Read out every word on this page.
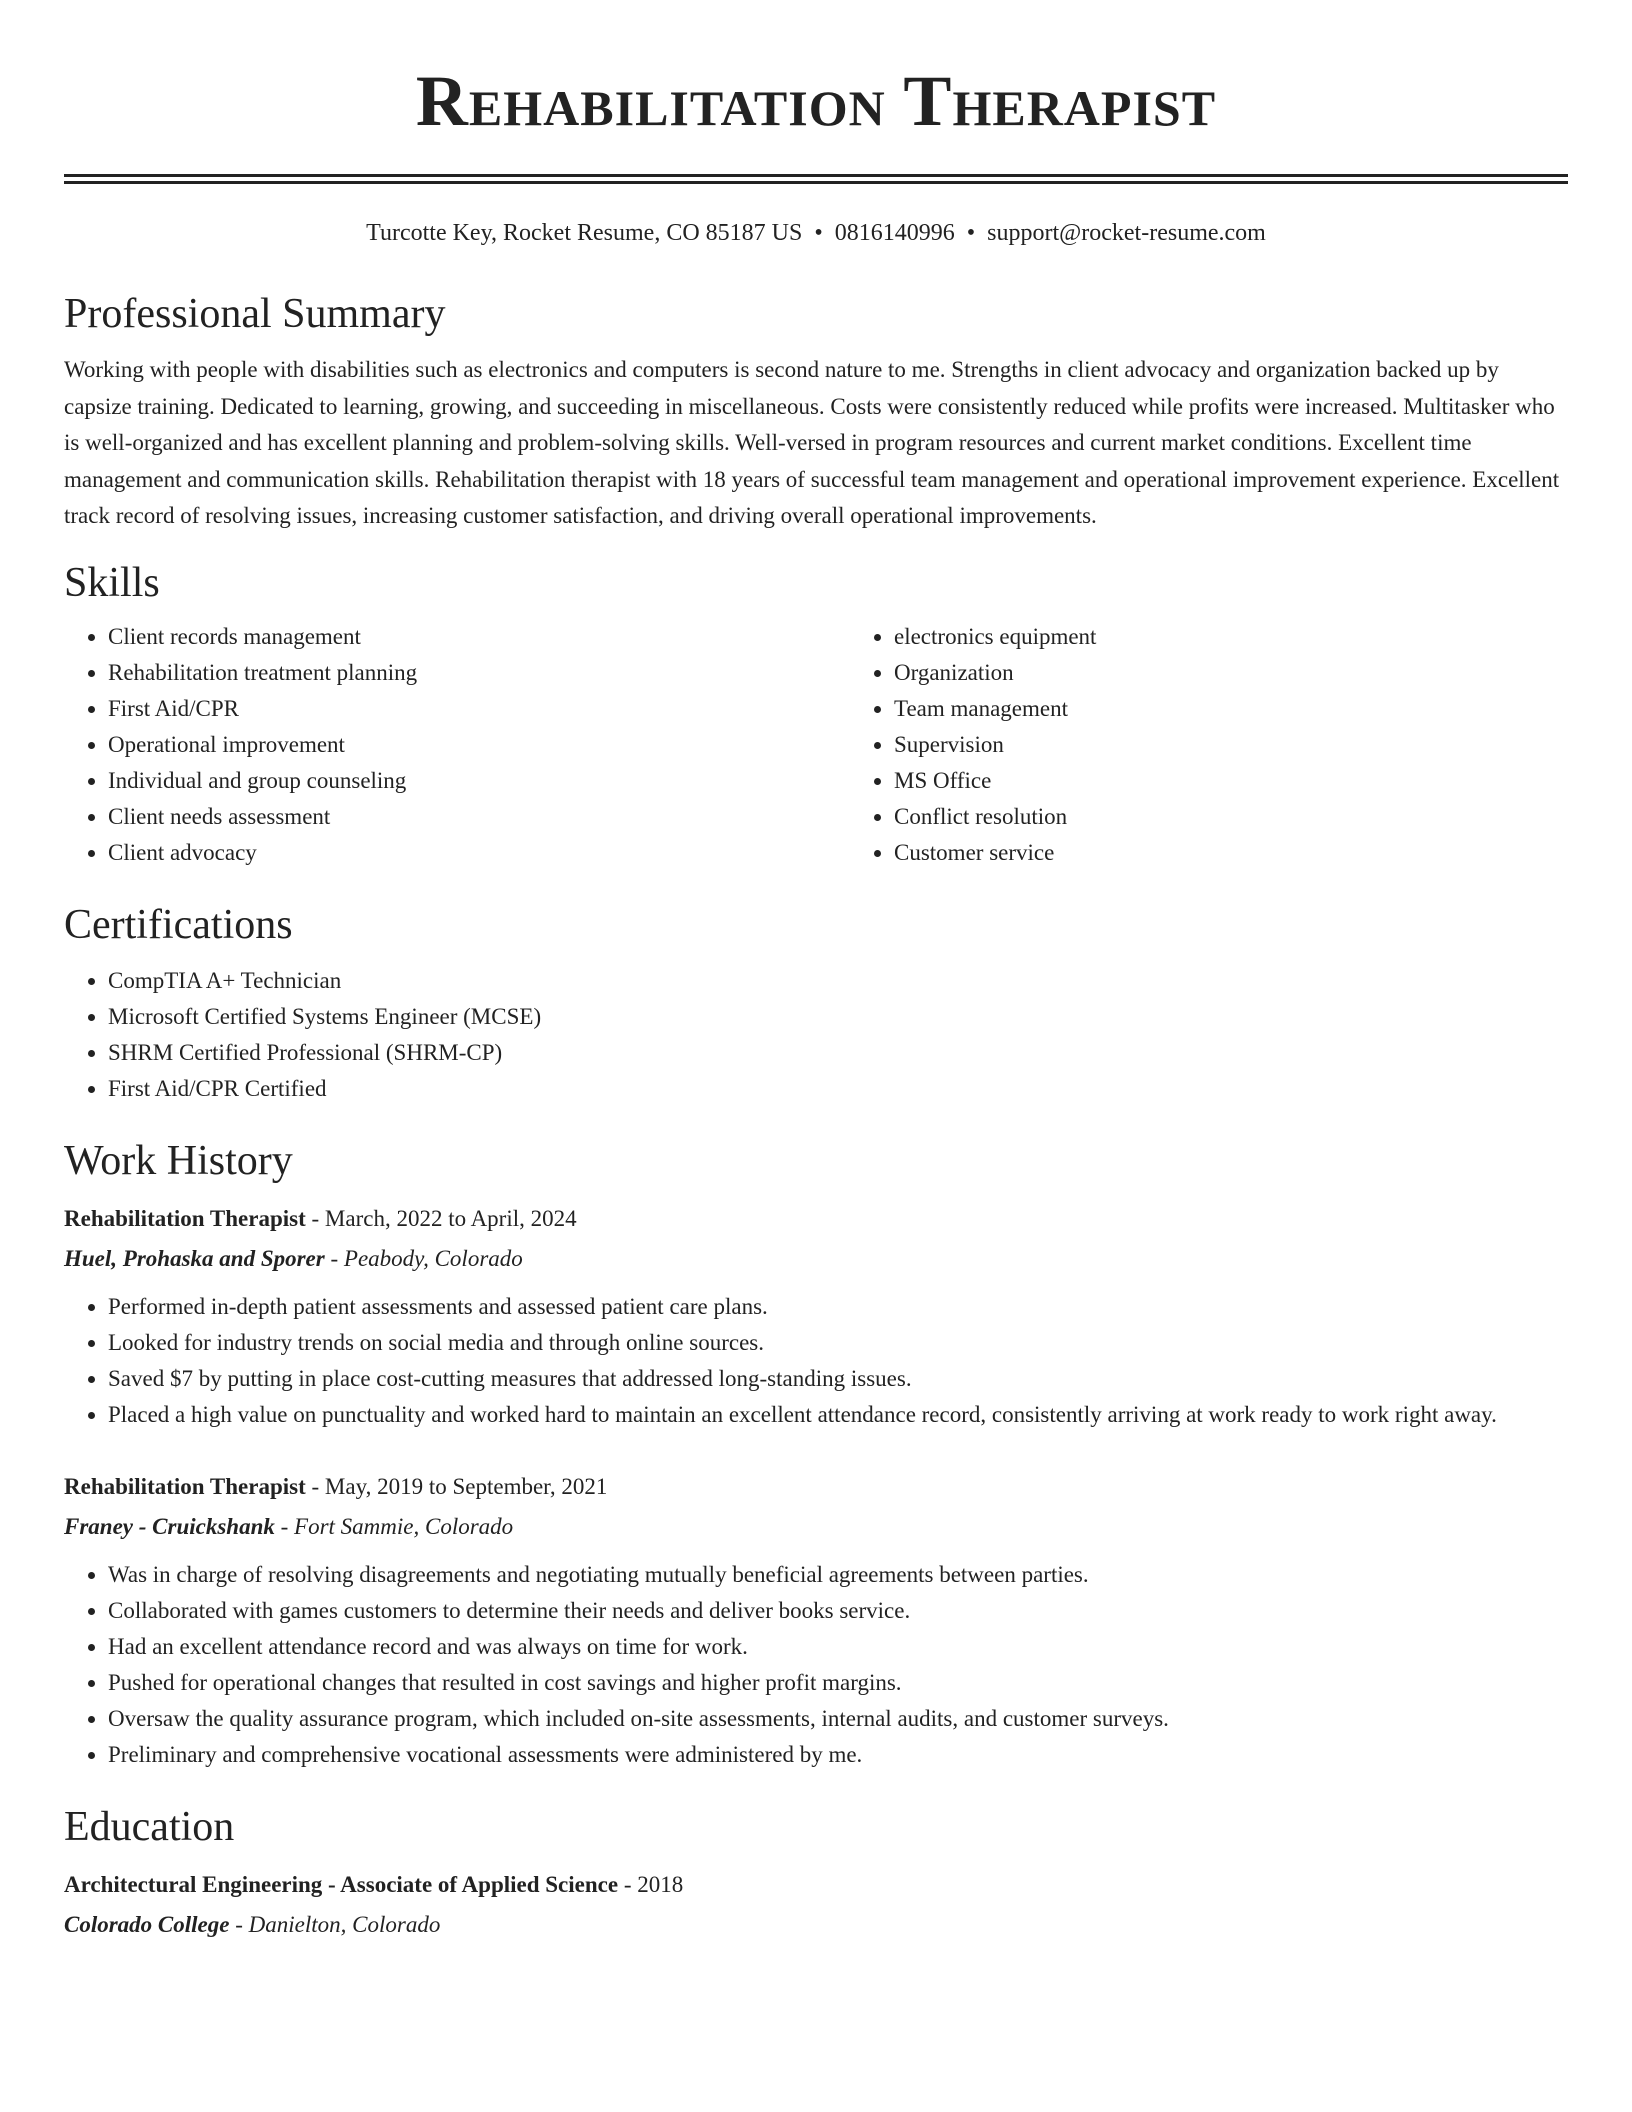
Rehabilitation Therapist
Turcotte Key, Rocket Resume, CO 85187 US • 0816140996 • support@rocket-resume.com
Professional Summary

Working with people with disabilities such as electronics and computers is second nature to me. Strengths in client advocacy and organization backed up by capsize training. Dedicated to learning, growing, and succeeding in miscellaneous. Costs were consistently reduced while profits were increased. Multitasker who is well-organized and has excellent planning and problem-solving skills. Well-versed in program resources and current market conditions. Excellent time management and communication skills. Rehabilitation therapist with 18 years of successful team management and operational improvement experience. Excellent track record of resolving issues, increasing customer satisfaction, and driving overall operational improvements.

Skills
• Client records management
• Rehabilitation treatment planning
• First Aid/CPR
• Operational improvement
• Individual and group counseling
• Client needs assessment
• Client advocacy
• electronics equipment
• Organization
• Team management
• Supervision
• MS Office
• Conflict resolution
• Customer service
Certifications
• CompTIA A+ Technician
• Microsoft Certified Systems Engineer (MCSE)
• SHRM Certified Professional (SHRM-CP)
• First Aid/CPR Certified
Work History
Rehabilitation Therapist - March, 2022 to April, 2024
Huel, Prohaska and Sporer - Peabody, Colorado
• Performed in-depth patient assessments and assessed patient care plans.
• Looked for industry trends on social media and through online sources.
• Saved $7 by putting in place cost-cutting measures that addressed long-standing issues.
• Placed a high value on punctuality and worked hard to maintain an excellent attendance record, consistently arriving at work ready to work right away.
Rehabilitation Therapist - May, 2019 to September, 2021
Franey - Cruickshank - Fort Sammie, Colorado
• Was in charge of resolving disagreements and negotiating mutually beneficial agreements between parties.
• Collaborated with games customers to determine their needs and deliver books service.
• Had an excellent attendance record and was always on time for work.
• Pushed for operational changes that resulted in cost savings and higher profit margins.
• Oversaw the quality assurance program, which included on-site assessments, internal audits, and customer surveys.
• Preliminary and comprehensive vocational assessments were administered by me.
Education
Architectural Engineering - Associate of Applied Science - 2018
Colorado College - Danielton, Colorado
